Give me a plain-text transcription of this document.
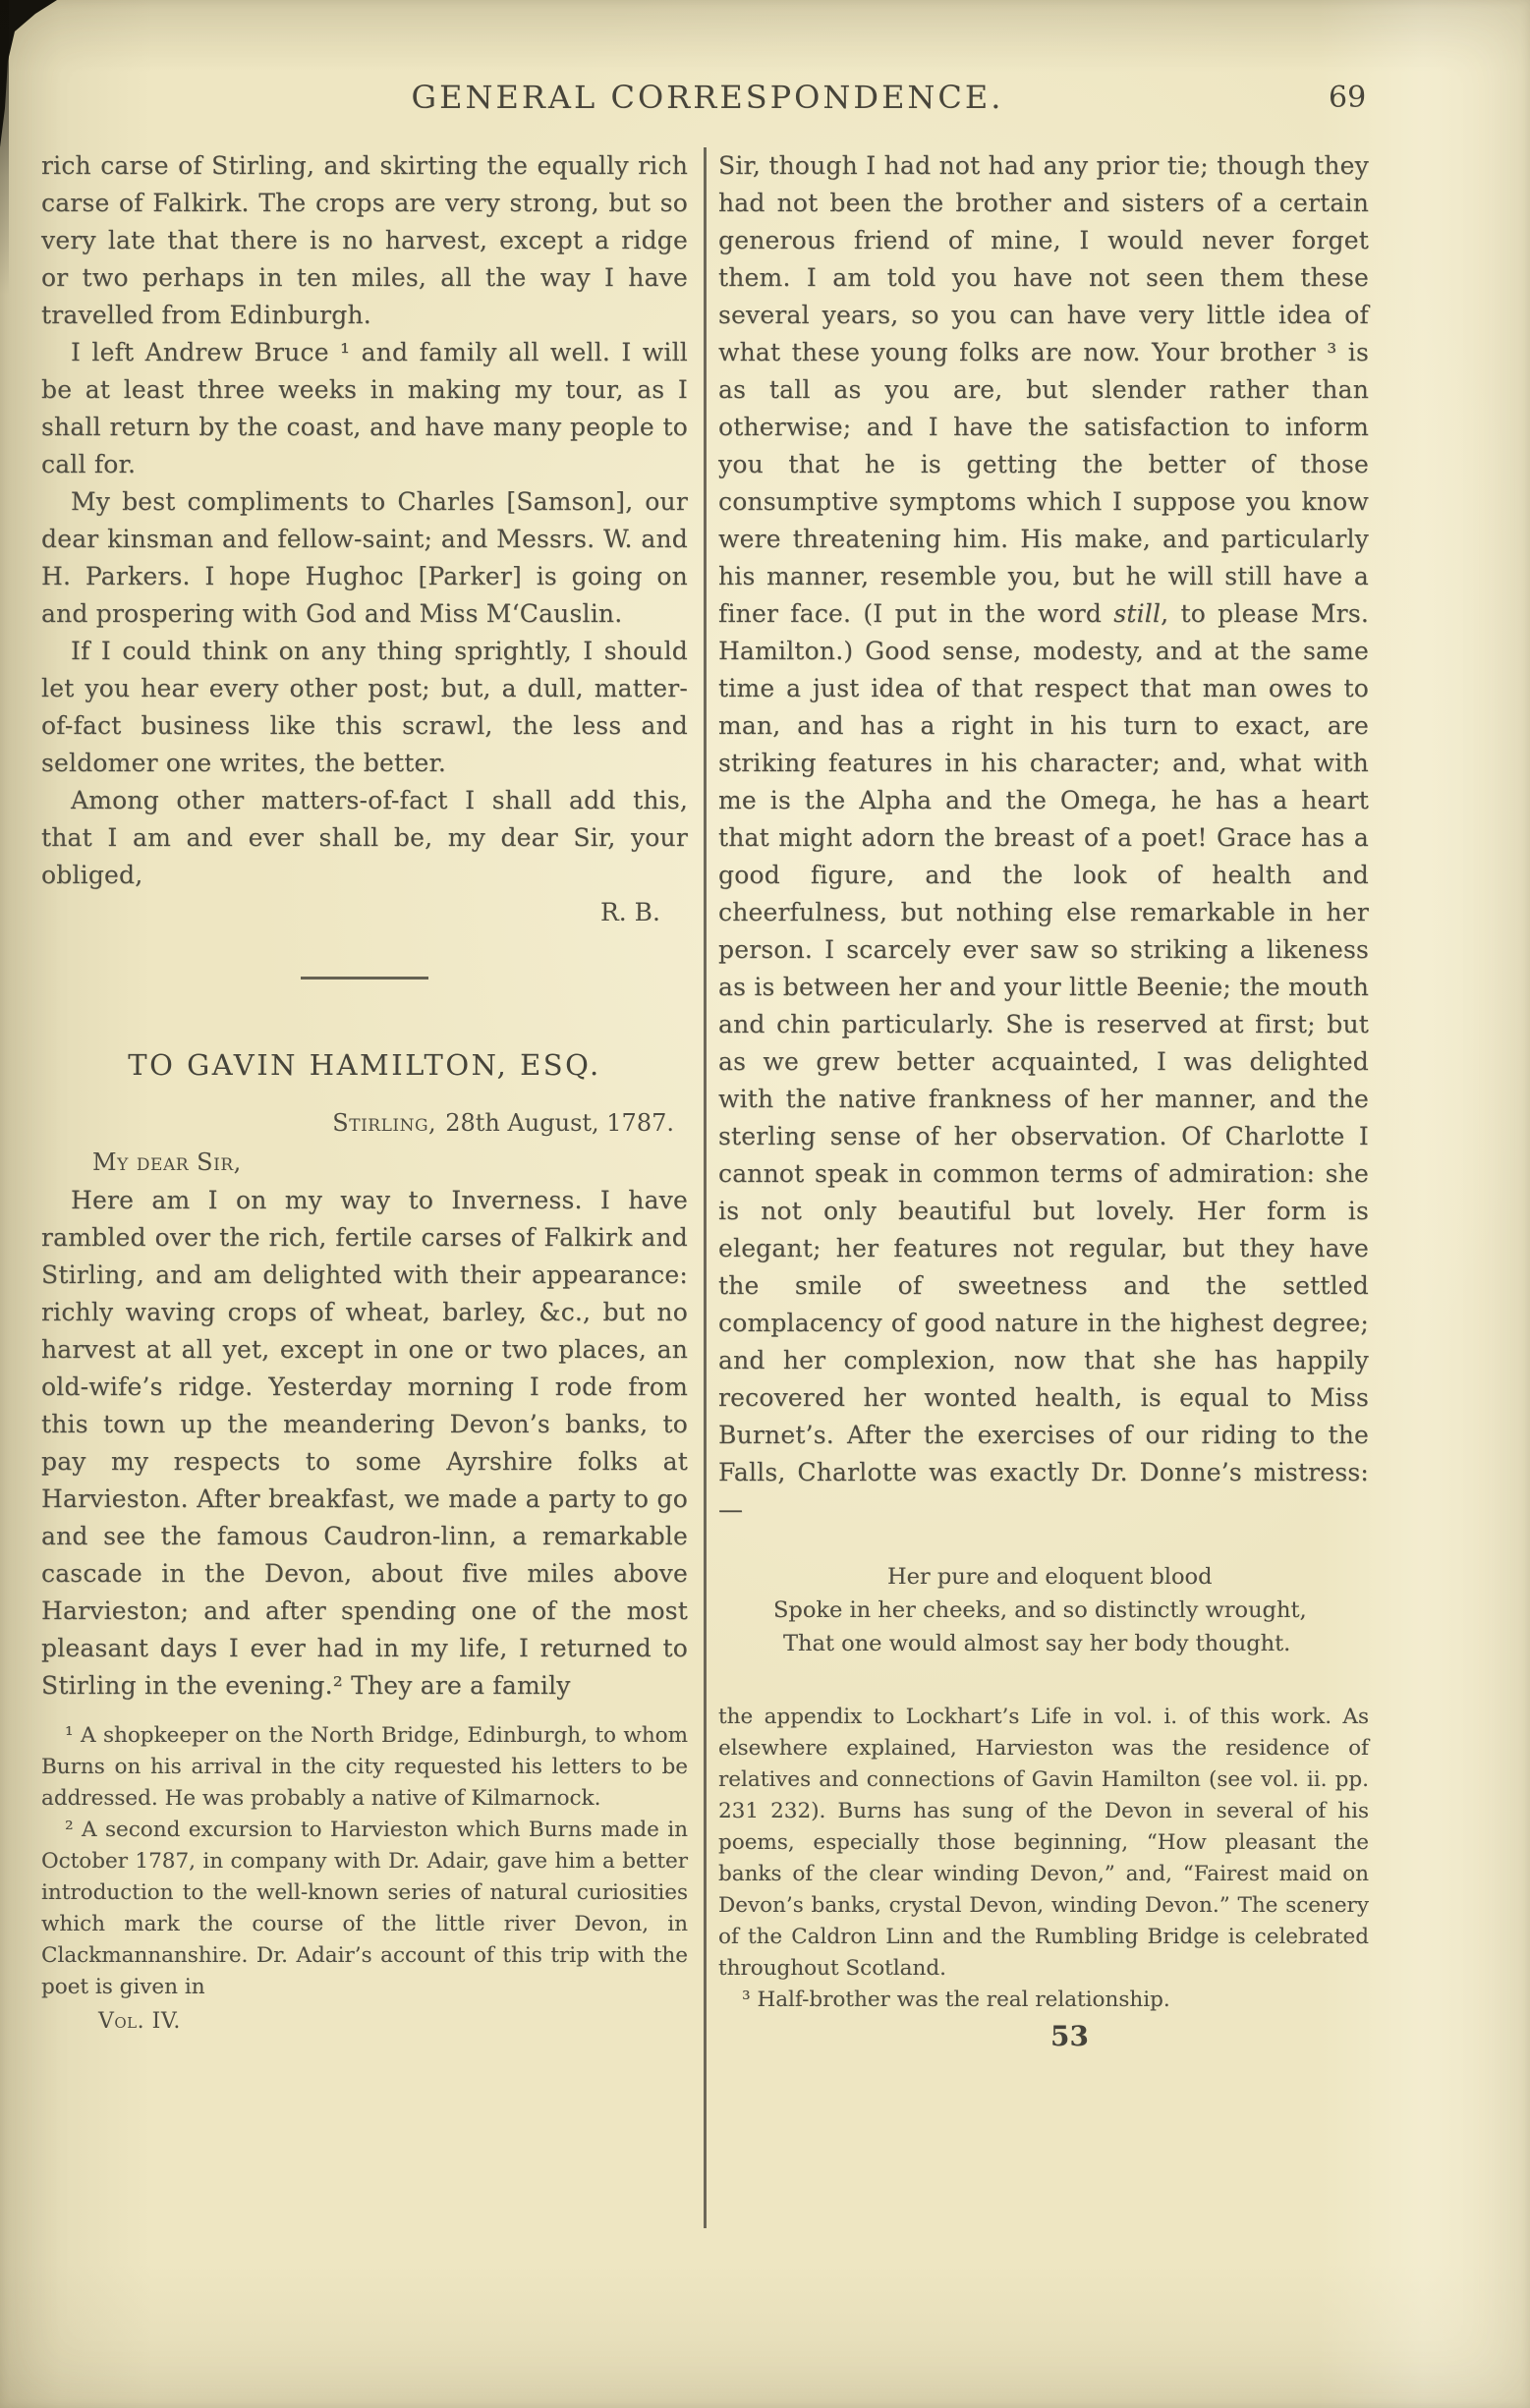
GENERAL CORRESPONDENCE.	69

rich carse of Stirling, and skirting the equally rich carse of Falkirk. The crops are very strong, but so very late that there is no harvest, except a ridge or two perhaps in ten miles, all the way I have travelled from Edinburgh.

I left Andrew Bruce ¹ and family all well. I will be at least three weeks in making my tour, as I shall return by the coast, and have many people to call for.

My best compliments to Charles [Samson], our dear kinsman and fellow-saint; and Messrs. W. and H. Parkers. I hope Hughoc [Parker] is going on and prospering with God and Miss M‘Causlin.

If I could think on any thing sprightly, I should let you hear every other post; but, a dull, matter-of-fact business like this scrawl, the less and seldomer one writes, the better.

Among other matters-of-fact I shall add this, that I am and ever shall be, my dear Sir, your obliged,

R. B.

TO GAVIN HAMILTON, ESQ.

Stirling, 28th August, 1787.

My dear Sir,

Here am I on my way to Inverness. I have rambled over the rich, fertile carses of Falkirk and Stirling, and am delighted with their appearance: richly waving crops of wheat, barley, &c., but no harvest at all yet, except in one or two places, an old-wife’s ridge. Yesterday morning I rode from this town up the meandering Devon’s banks, to pay my respects to some Ayrshire folks at Harvieston. After breakfast, we made a party to go and see the famous Caudron-linn, a remarkable cascade in the Devon, about five miles above Harvieston; and after spending one of the most pleasant days I ever had in my life, I returned to Stirling in the evening.² They are a family

¹ A shopkeeper on the North Bridge, Edinburgh, to whom Burns on his arrival in the city requested his letters to be addressed. He was probably a native of Kilmarnock.

² A second excursion to Harvieston which Burns made in October 1787, in company with Dr. Adair, gave him a better introduction to the well-known series of natural curiosities which mark the course of the little river Devon, in Clackmannanshire. Dr. Adair’s account of this trip with the poet is given in

Vol. IV.

Sir, though I had not had any prior tie; though they had not been the brother and sisters of a certain generous friend of mine, I would never forget them. I am told you have not seen them these several years, so you can have very little idea of what these young folks are now. Your brother ³ is as tall as you are, but slender rather than otherwise; and I have the satisfaction to inform you that he is getting the better of those consumptive symptoms which I suppose you know were threatening him. His make, and particularly his manner, resemble you, but he will still have a finer face. (I put in the word still, to please Mrs. Hamilton.) Good sense, modesty, and at the same time a just idea of that respect that man owes to man, and has a right in his turn to exact, are striking features in his character; and, what with me is the Alpha and the Omega, he has a heart that might adorn the breast of a poet! Grace has a good figure, and the look of health and cheerfulness, but nothing else remarkable in her person. I scarcely ever saw so striking a likeness as is between her and your little Beenie; the mouth and chin particularly. She is reserved at first; but as we grew better acquainted, I was delighted with the native frankness of her manner, and the sterling sense of her observation. Of Charlotte I cannot speak in common terms of admiration: she is not only beautiful but lovely. Her form is elegant; her features not regular, but they have the smile of sweetness and the settled complacency of good nature in the highest degree; and her complexion, now that she has happily recovered her wonted health, is equal to Miss Burnet’s. After the exercises of our riding to the Falls, Charlotte was exactly Dr. Donne’s mistress:—

Her pure and eloquent blood
Spoke in her cheeks, and so distinctly wrought,
That one would almost say her body thought.

the appendix to Lockhart’s Life in vol. i. of this work. As elsewhere explained, Harvieston was the residence of relatives and connections of Gavin Hamilton (see vol. ii. pp. 231 232). Burns has sung of the Devon in several of his poems, especially those beginning, “How pleasant the banks of the clear winding Devon,” and, “Fairest maid on Devon’s banks, crystal Devon, winding Devon.” The scenery of the Caldron Linn and the Rumbling Bridge is celebrated throughout Scotland.

³ Half-brother was the real relationship.

53
